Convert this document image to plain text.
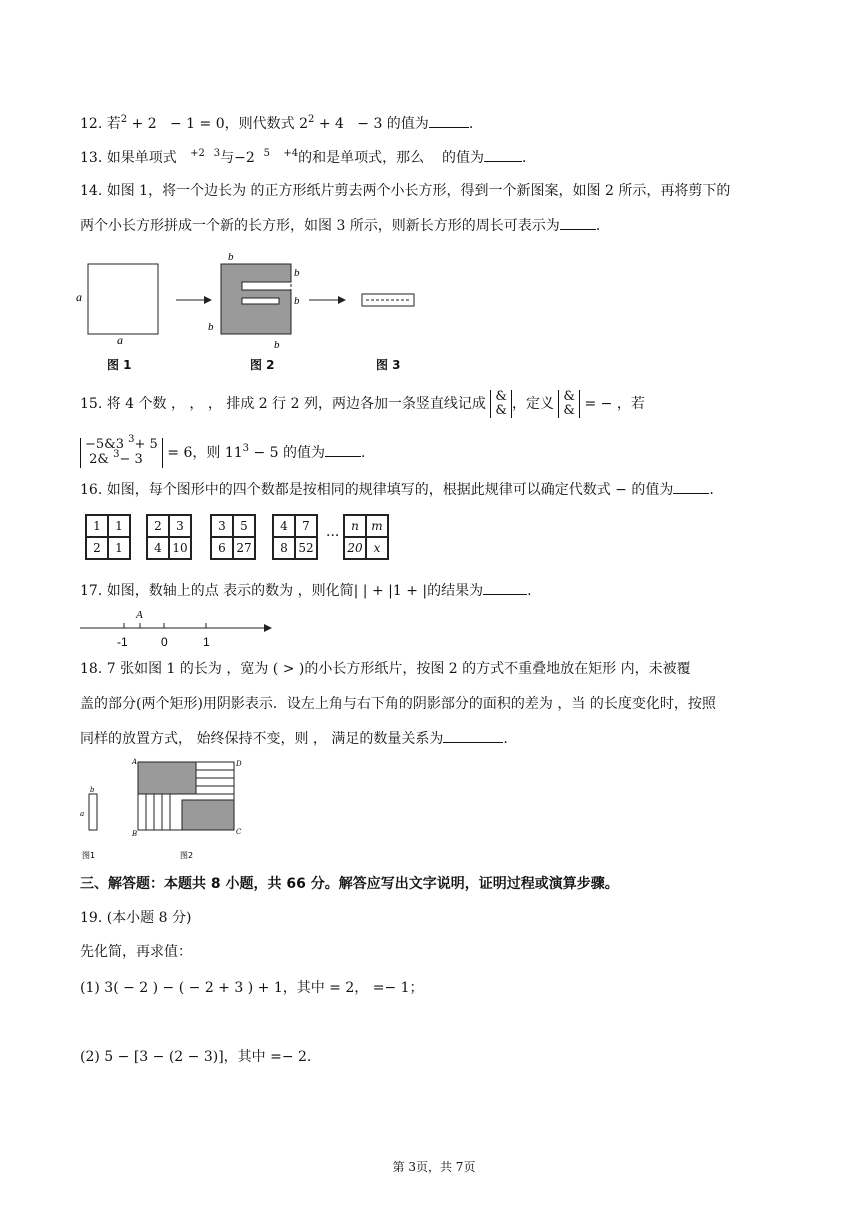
12. 若$^2$ + 2 − 1 = 0，则代数式 $2^2 + 4 - 3$ 的值为	.
13. 如果单项式 $^{+2}$ $^3$与−2 $^5$ $^{+4}$的和是单项式，那么 的值为	.
14. 如图 1，将一个边长为 的正方形纸片剪去两个小长方形，得到一个新图案，如图 2 所示，再将剪下的
两个小长方形拼成一个新的长方形，如图 3 所示，则新长方形的周长可表示为	.
a
a
b
b
b
b
b
图 1	图 2	图 3
15. 将 4 个数 ， ， ， 排成 2 行 2 列，两边各加一条竖直线记成 &
& ，定义 &
& = − ，若
−5&3 $^3$+ 5
2& $^3$− 3 = 6，则 $11^3 - 5$ 的值为	.
16. 如图，每个图形中的四个数都是按相同的规律填写的，根据此规律可以确定代数式 − 的值为	.
1	1
2	1
2	3
4 10
3	5
6 27
4	7
8 52
···
n	m
20 x
17. 如图，数轴上的点 表示的数为 ，则化简| | + |1 + |的结果为	.
A
-1	0	1
18. 7 张如图 1 的长为 ，宽为 ( > )的小长方形纸片，按图 2 的方式不重叠地放在矩形 内，未被覆
盖的部分(两个矩形)用阴影表示．设左上角与右下角的阴影部分的面积的差为 ，当 的长度变化时，按照
同样的放置方式， 始终保持不变，则 ， 满足的数量关系为	.
a
b
A	D
B	C
图1	图2
三、解答题：本题共 8 小题，共 66 分。解答应写出文字说明，证明过程或演算步骤。
19. (本小题 8 分)
先化简，再求值：
(1) 3( − 2 ) − ( − 2 + 3 ) + 1，其中 = 2， =− 1；
(2) 5 − [3 − (2 − 3)]，其中 =− 2.
第 3页，共 7页
